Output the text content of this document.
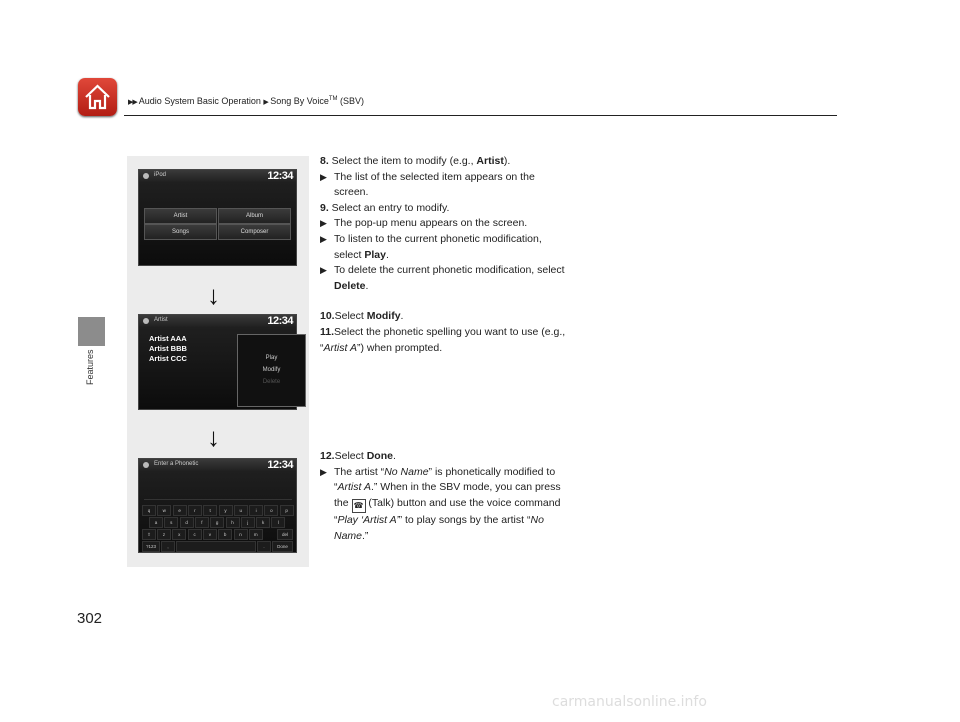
▶▶ Audio System Basic Operation ▶ Song By Voice™ (SBV)
Features
302
iPod	12:34
Artist	Album
Songs	Composer
↓
Artist	12:34
Artist AAA
Artist BBB
Artist CCC	Play
Modify
Delete
↓
Enter a Phonetic	12:34
q	w	e	r	t	y	u	i	o	p
a	s	d	f	g	h	j	k	l
⇧	z	x	c	v	b	n	m	del
?123	,	.	Done

8. Select the item to modify (e.g., Artist).

▶ The list of the selected item appears on the screen.

9. Select an entry to modify.

▶ The pop-up menu appears on the screen.

▶ To listen to the current phonetic modification, select Play.

▶ To delete the current phonetic modification, select Delete.

10.Select Modify.

11.Select the phonetic spelling you want to use (e.g., “Artist A”) when prompted.

12.Select Done.

▶ The artist “No Name” is phonetically modified to “Artist A.” When in the SBV mode, you can press the ☎ (Talk) button and use the voice command “Play ‘Artist A’” to play songs by the artist “No Name.”

carmanualsonline.info
